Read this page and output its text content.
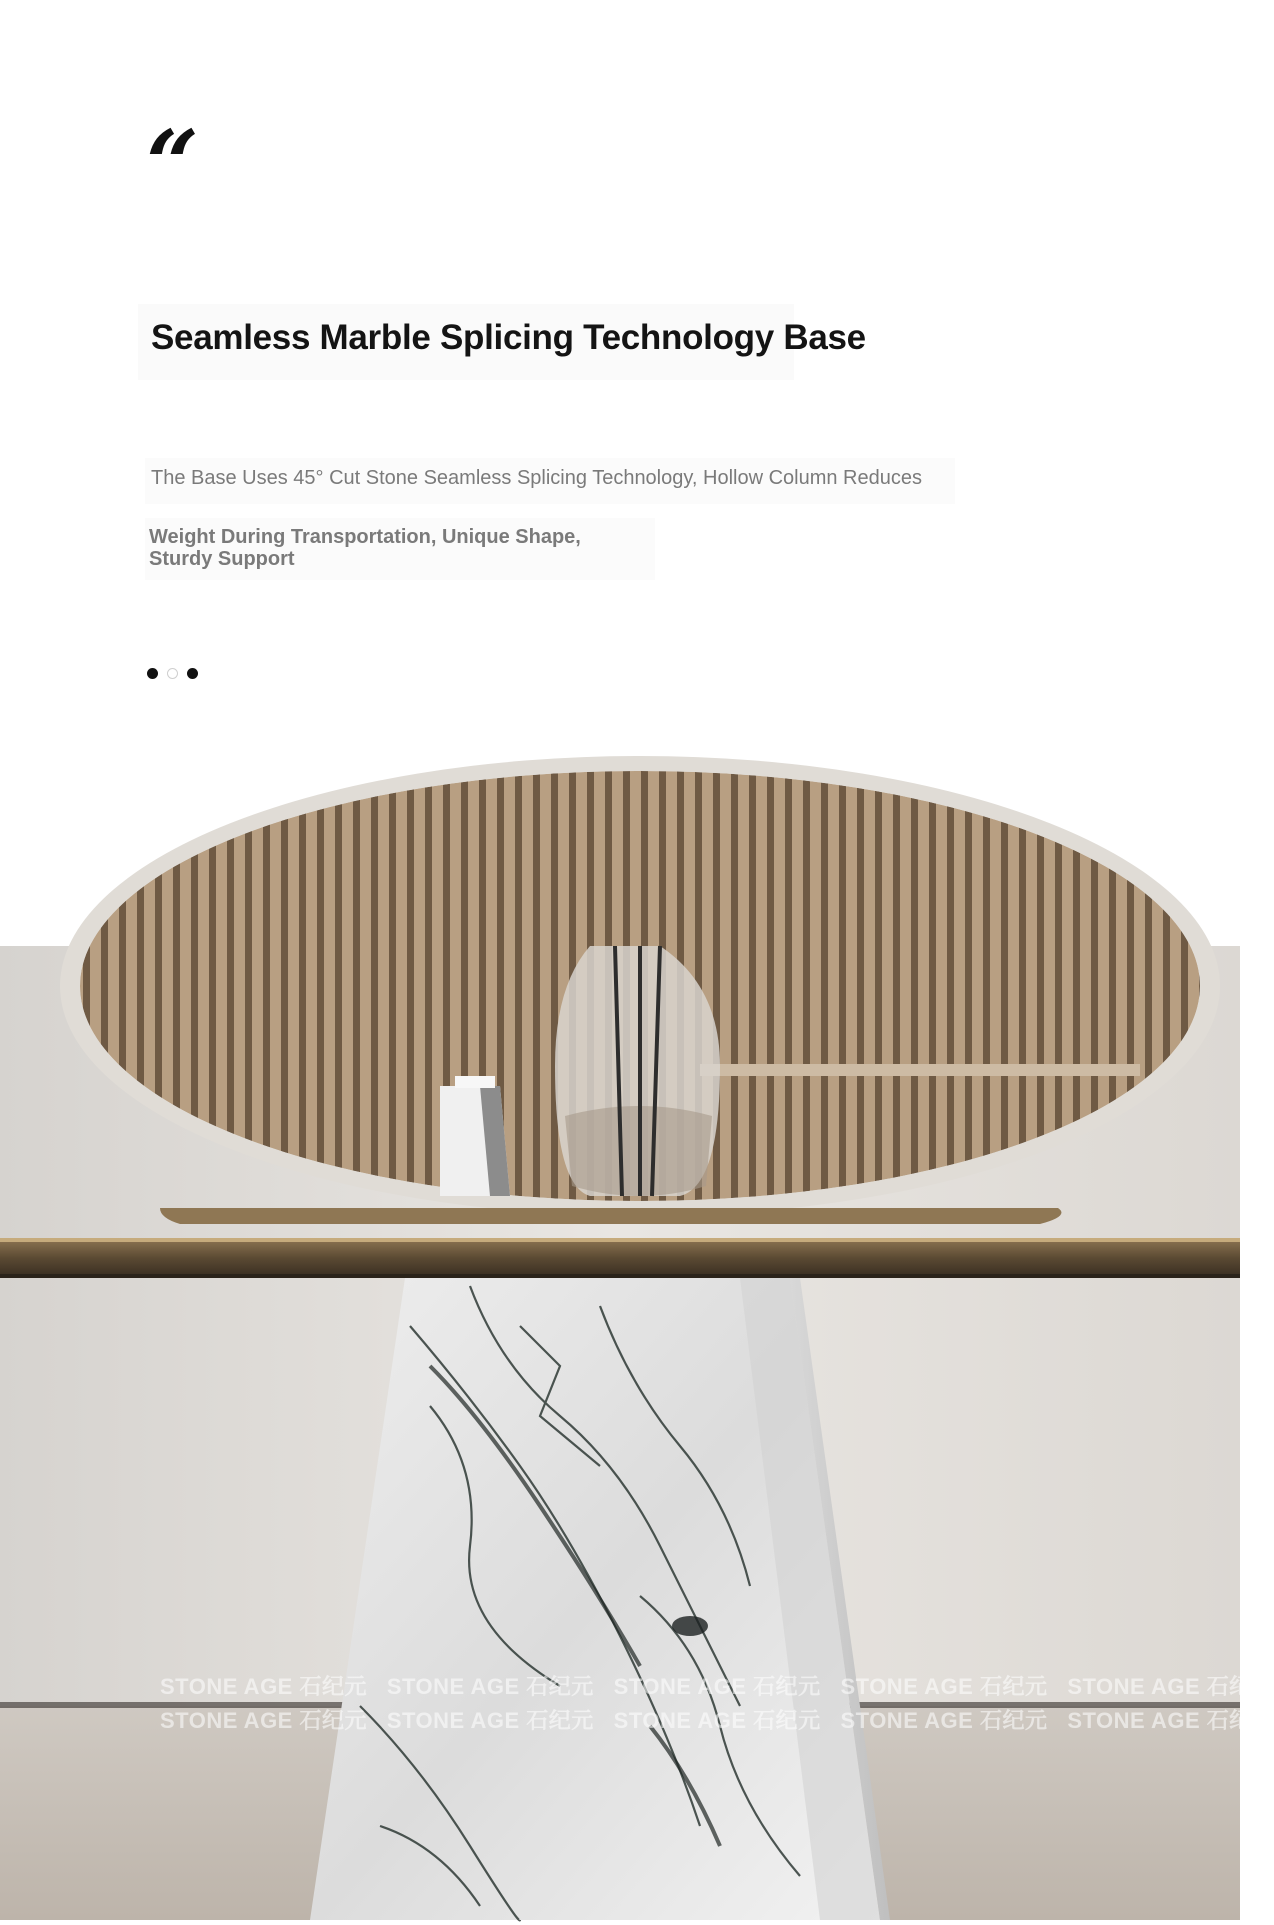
“
Seamless Marble Splicing Technology Base
The Base Uses 45° Cut Stone Seamless Splicing Technology, Hollow Column Reduces
Weight During Transportation, Unique Shape,
Sturdy Support
STONE AGE 石纪元 STONE AGE 石纪元 STONE AGE 石纪元 STONE AGE 石纪元 STONE AGE 石纪元
STONE AGE 石纪元 STONE AGE 石纪元 STONE AGE 石纪元 STONE AGE 石纪元 STONE AGE 石纪元
